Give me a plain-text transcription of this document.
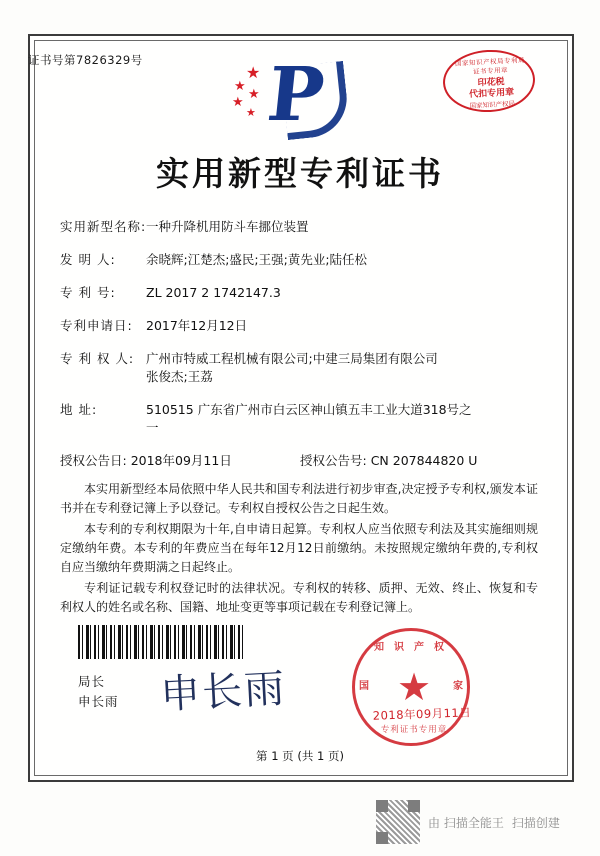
证书号第7826329号
★
★
★
★
★ P	国家知识产权局专利局
证书专用章
印花税
代扣专用章
国家知识产权局
实用新型专利证书
实用新型名称: 一种升降机用防斗车挪位装置
发 明 人:	余晓辉;江楚杰;盛民;王强;黄先业;陆任松
专 利 号:	ZL 2017 2 1742147.3
专利申请日:	2017年12月12日
专 利 权 人: 广州市特威工程机械有限公司;中建三局集团有限公司
张俊杰;王荔
地 址:	510515 广东省广州市白云区神山镇五丰工业大道318号之
一
授权公告日: 2018年09月11日	授权公告号: CN 207844820 U

本实用新型经本局依照中华人民共和国专利法进行初步审查,决定授予专利权,颁发本证书并在专利登记簿上予以登记。专利权自授权公告之日起生效。

本专利的专利权期限为十年,自申请日起算。专利权人应当依照专利法及其实施细则规定缴纳年费。本专利的年费应当在每年12月12日前缴纳。未按照规定缴纳年费的,专利权自应当缴纳年费期满之日起终止。

专利证记载专利权登记时的法律状况。专利权的转移、质押、无效、终止、恢复和专利权人的姓名或名称、国籍、地址变更等事项记载在专利登记簿上。

局长
申长雨 申长雨
知识产权
国	家
★
专利证书专用章
2018年09月11日
第 1 页 (共 1 页)
由 扫描全能王 扫描创建
